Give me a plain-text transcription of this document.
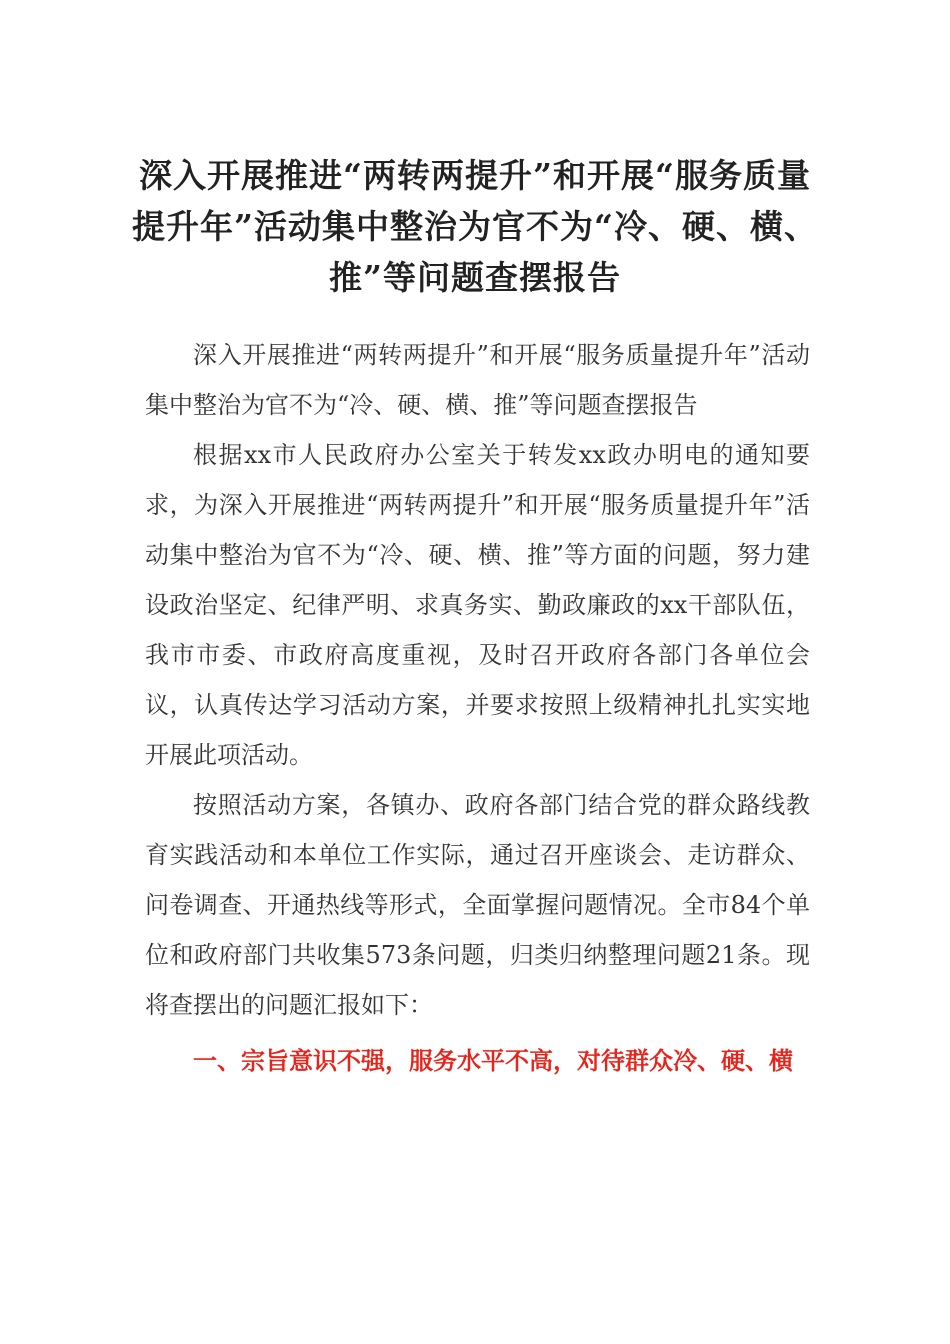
深入开展推进“两转两提升”和开展“服务质量提升年”活动集中整治为官不为“冷、硬、横、推”等问题查摆报告

深入开展推进“两转两提升”和开展“服务质量提升年”活动集中整治为官不为“冷、硬、横、推”等问题查摆报告

根据xx市人民政府办公室关于转发xx政办明电的通知要求，为深入开展推进“两转两提升”和开展“服务质量提升年”活动集中整治为官不为“冷、硬、横、推”等方面的问题，努力建设政治坚定、纪律严明、求真务实、勤政廉政的xx干部队伍，我市市委、市政府高度重视，及时召开政府各部门各单位会议，认真传达学习活动方案，并要求按照上级精神扎扎实实地开展此项活动。

按照活动方案，各镇办、政府各部门结合党的群众路线教育实践活动和本单位工作实际，通过召开座谈会、走访群众、问卷调查、开通热线等形式，全面掌握问题情况。全市84个单位和政府部门共收集573条问题，归类归纳整理问题21条。现将查摆出的问题汇报如下：

一、宗旨意识不强，服务水平不高，对待群众冷、硬、横
